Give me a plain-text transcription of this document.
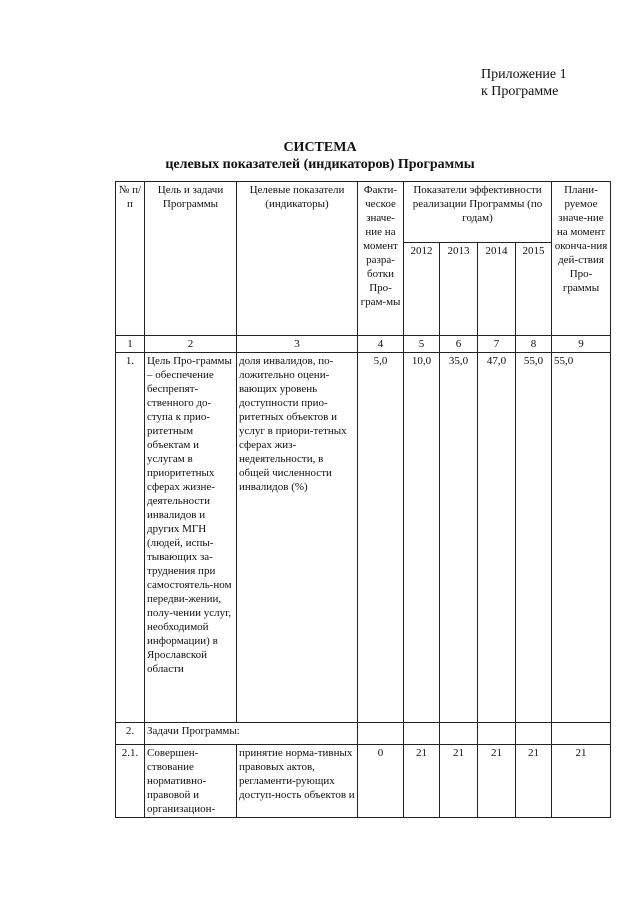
Приложение 1
к Программе
СИСТЕМА
целевых показателей (индикаторов) Программы
№ п/п	Цель и задачи Программы	Целевые показатели (индикаторы)	Факти-ческое значе-ние на момент разра-ботки Про-грам-мы	Показатели эффективности реализации Программы (по годам)				Плани-руемое значе-ние на момент оконча-ния дей-ствия Про-граммы
				2012	2013	2014	2015	
1	2	3	4	5	6	7	8	9
1.	Цель Про-граммы – обеспечение беспрепят-ственного до-ступа к прио-ритетным объектам и услугам в приоритетных сферах жизне-деятельности инвалидов и других МГН (людей, испы-тывающих за-труднения при самостоятель-ном передви-жении, полу-чении услуг, необходимой информации) в Ярославской области	доля инвалидов, по-ложительно оцени-вающих уровень доступности прио-ритетных объектов и услуг в приори-тетных сферах жиз-недеятельности, в общей численности инвалидов (%)	5,0	10,0	35,0	47,0	55,0	55,0
2.	Задачи Программы:							
2.1.	Совершен-ствование нормативно-правовой и организацион-	принятие норма-тивных правовых актов, регламенти-рующих доступ-ность объектов и	0	21	21	21	21	21
